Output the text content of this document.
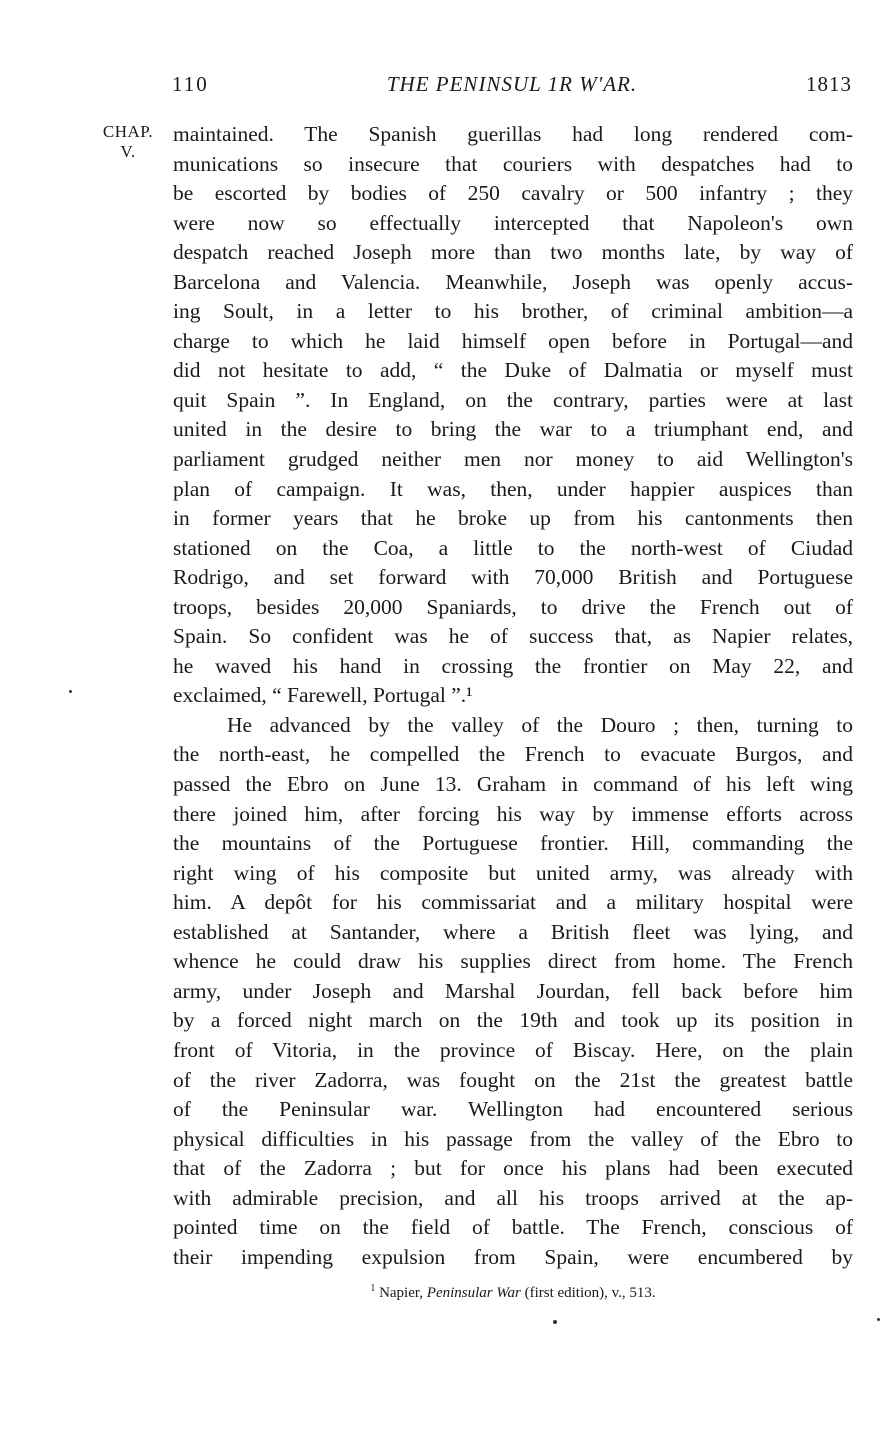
110	THE PENINSUL 1R W'AR.	1813
CHAP.
V.
maintained. The Spanish guerillas had long rendered com-
munications so insecure that couriers with despatches had to
be escorted by bodies of 250 cavalry or 500 infantry ; they
were now so effectually intercepted that Napoleon's own
despatch reached Joseph more than two months late, by way of
Barcelona and Valencia. Meanwhile, Joseph was openly accus-
ing Soult, in a letter to his brother, of criminal ambition—a
charge to which he laid himself open before in Portugal—and
did not hesitate to add, “ the Duke of Dalmatia or myself must
quit Spain ”. In England, on the contrary, parties were at last
united in the desire to bring the war to a triumphant end, and
parliament grudged neither men nor money to aid Wellington's
plan of campaign. It was, then, under happier auspices than
in former years that he broke up from his cantonments then
stationed on the Coa, a little to the north-west of Ciudad
Rodrigo, and set forward with 70,000 British and Portuguese
troops, besides 20,000 Spaniards, to drive the French out of
Spain. So confident was he of success that, as Napier relates,
he waved his hand in crossing the frontier on May 22, and
exclaimed, “ Farewell, Portugal ”.¹
He advanced by the valley of the Douro ; then, turning to
the north-east, he compelled the French to evacuate Burgos, and
passed the Ebro on June 13. Graham in command of his left wing
there joined him, after forcing his way by immense efforts across
the mountains of the Portuguese frontier. Hill, commanding the
right wing of his composite but united army, was already with
him. A depôt for his commissariat and a military hospital were
established at Santander, where a British fleet was lying, and
whence he could draw his supplies direct from home. The French
army, under Joseph and Marshal Jourdan, fell back before him
by a forced night march on the 19th and took up its position in
front of Vitoria, in the province of Biscay. Here, on the plain
of the river Zadorra, was fought on the 21st the greatest battle
of the Peninsular war. Wellington had encountered serious
physical difficulties in his passage from the valley of the Ebro to
that of the Zadorra ; but for once his plans had been executed
with admirable precision, and all his troops arrived at the ap-
pointed time on the field of battle. The French, conscious of
their impending expulsion from Spain, were encumbered by
$^1$ Napier, Peninsular War (first edition), v., 513.
